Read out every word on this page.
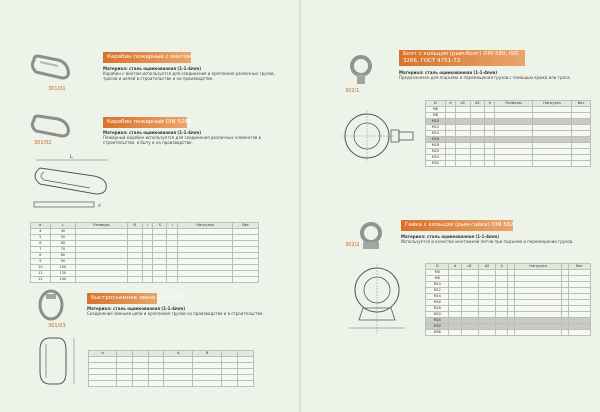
301/01
Карабин пожарный с винтом
Материал: сталь оцинкованная (1-1-4mm)
Карабин с винтом используется для соединения и крепления различных грузов, тросов и цепей в строительстве и на производстве.
301/02
Карабин пожарный DIN 5299C
Материал: сталь оцинкованная (1-1-4mm)
Пожарный карабин используется для соединения различных элементов в строительстве, в быту и на производстве.
L
d
d	L	Размеры	B	l	S	l	Нагрузка	Вес
4	40							
5	50							
6	60							
7	70							
8	80							
9	90							
10	100							
11	120							
12	140							
301/03
Быстросъемное звено DIN 5299
Материал: сталь оцинкованная (1-1-4mm)
Соединение звеньев цепи и крепление грузов на производстве и в строительстве.
d				A	B		

302/1
Болт с кольцом (рым-болт) DIN 580, ISO 3266, ГОСТ 4751-73
Материал: сталь оцинкованная (1-1-4mm)
Предназначен для подъема и перемещения грузов с помощью крюка или троса.
D	d	d1	d2	h	Размеры	Нагрузка	Вес
M6							
M8							
M10							
M12							
M14							
M16							
M18							
M20							
M24							
M30							
302/2
Гайка с кольцом (рым-гайка) DIN 582
Материал: сталь оцинкованная (1-1-4mm)
Используется в качестве монтажной петли при подъеме и перемещении грузов.
D	d	d1	d2	h		Нагрузка		Вес
M6								
M8								
M10								
M12								
M14								
M16								
M18								
M20								
M24								
M30								
M36								
